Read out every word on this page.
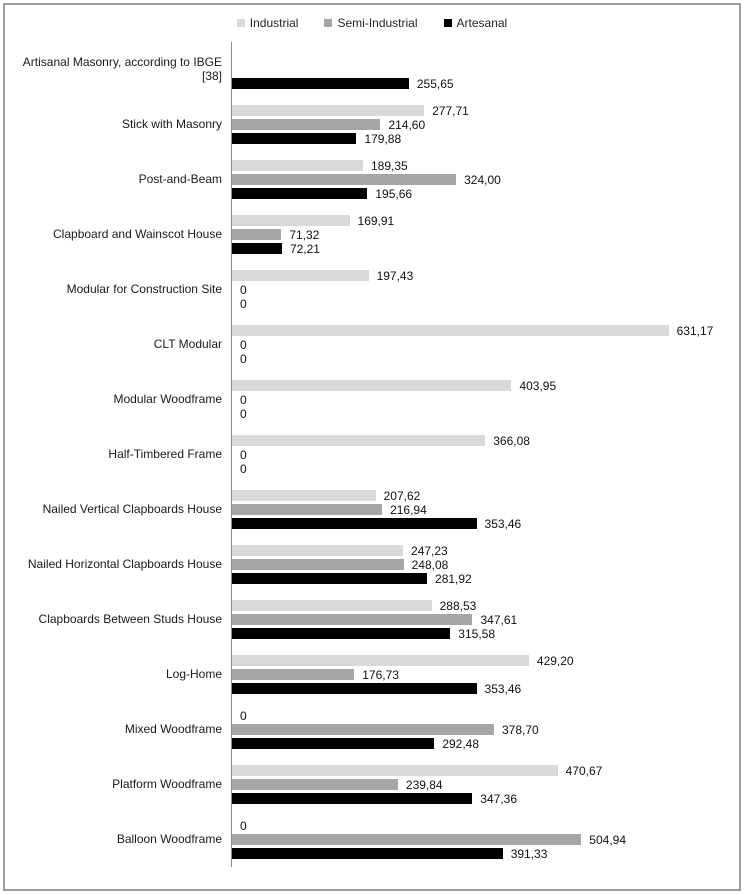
Industrial	Semi-Industrial	Artesanal
Artisanal Masonry, according to IBGE [38]
255,65
Stick with Masonry
277,71
214,60
179,88
Post-and-Beam
189,35
324,00
195,66
Clapboard and Wainscot House
169,91
71,32
72,21
Modular for Construction Site
197,43
0
0
CLT Modular
631,17
0
0
Modular Woodframe
403,95
0
0
Half-Timbered Frame
366,08
0
0
Nailed Vertical Clapboards House
207,62
216,94
353,46
Nailed Horizontal Clapboards House
247,23
248,08
281,92
Clapboards Between Studs House
288,53
347,61
315,58
Log-Home
429,20
176,73
353,46
Mixed Woodframe
0
378,70
292,48
Platform Woodframe
470,67
239,84
347,36
Balloon Woodframe
0
504,94
391,33
